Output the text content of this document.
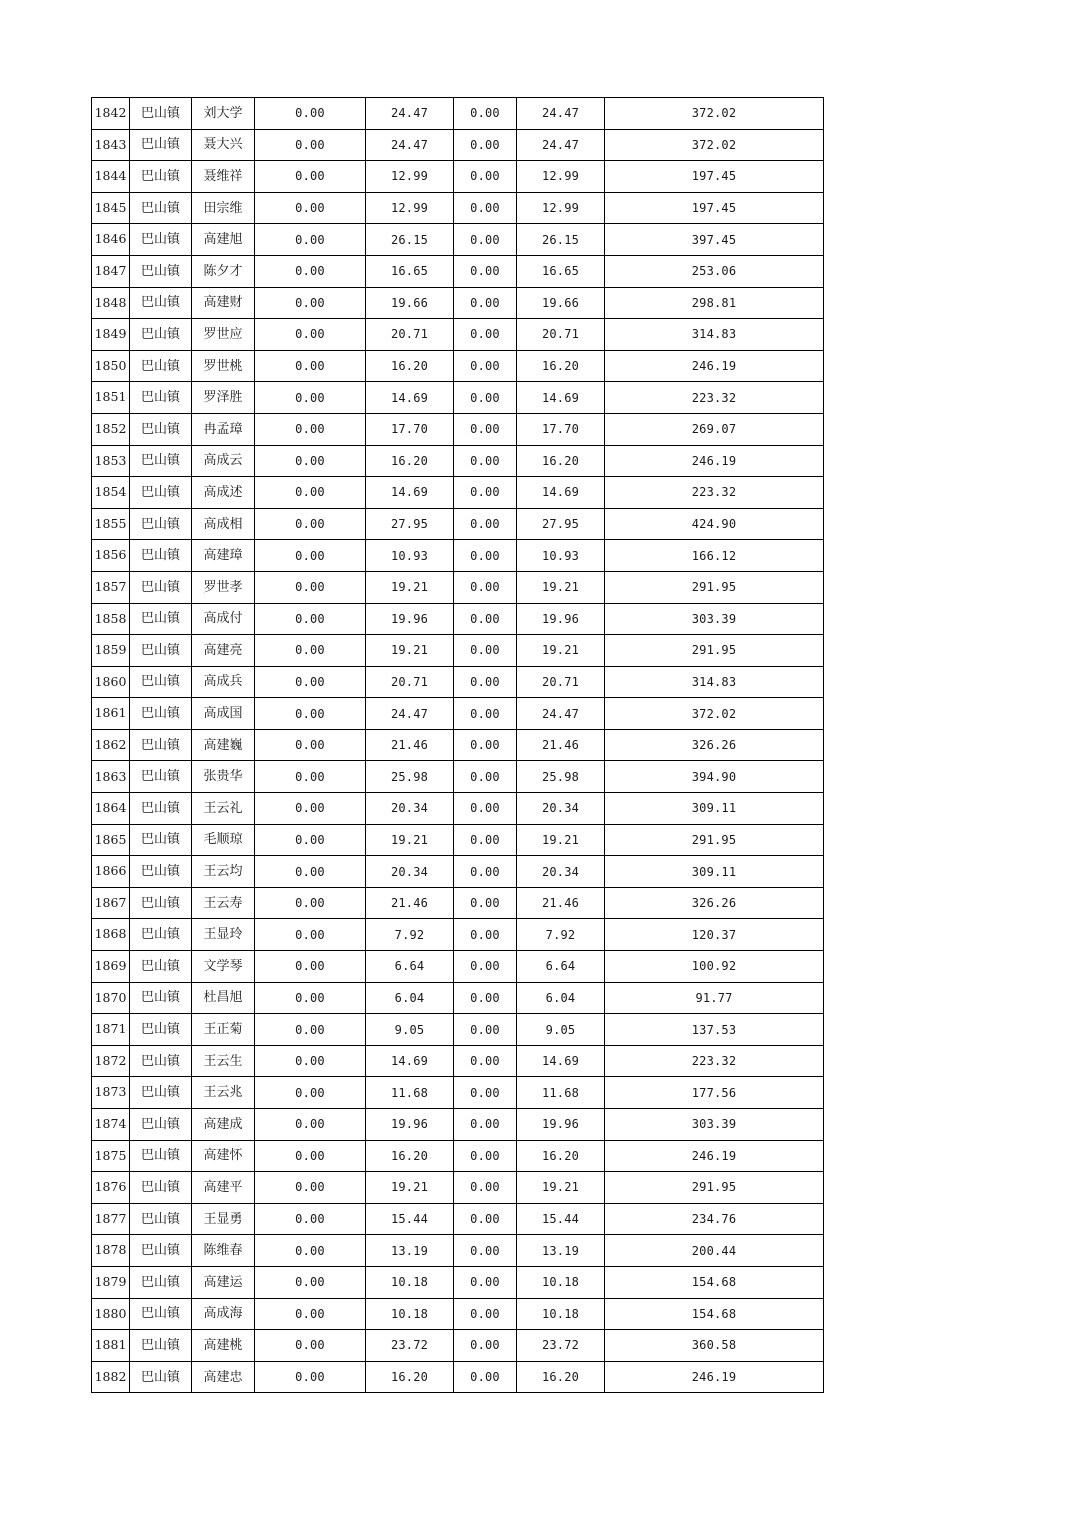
1842	巴山镇	刘大学	0.00	24.47	0.00	24.47	372.02
1843	巴山镇	聂大兴	0.00	24.47	0.00	24.47	372.02
1844	巴山镇	聂维祥	0.00	12.99	0.00	12.99	197.45
1845	巴山镇	田宗维	0.00	12.99	0.00	12.99	197.45
1846	巴山镇	高建旭	0.00	26.15	0.00	26.15	397.45
1847	巴山镇	陈夕才	0.00	16.65	0.00	16.65	253.06
1848	巴山镇	高建财	0.00	19.66	0.00	19.66	298.81
1849	巴山镇	罗世应	0.00	20.71	0.00	20.71	314.83
1850	巴山镇	罗世桃	0.00	16.20	0.00	16.20	246.19
1851	巴山镇	罗泽胜	0.00	14.69	0.00	14.69	223.32
1852	巴山镇	冉孟璋	0.00	17.70	0.00	17.70	269.07
1853	巴山镇	高成云	0.00	16.20	0.00	16.20	246.19
1854	巴山镇	高成述	0.00	14.69	0.00	14.69	223.32
1855	巴山镇	高成相	0.00	27.95	0.00	27.95	424.90
1856	巴山镇	高建璋	0.00	10.93	0.00	10.93	166.12
1857	巴山镇	罗世孝	0.00	19.21	0.00	19.21	291.95
1858	巴山镇	高成付	0.00	19.96	0.00	19.96	303.39
1859	巴山镇	高建亮	0.00	19.21	0.00	19.21	291.95
1860	巴山镇	高成兵	0.00	20.71	0.00	20.71	314.83
1861	巴山镇	高成国	0.00	24.47	0.00	24.47	372.02
1862	巴山镇	高建巍	0.00	21.46	0.00	21.46	326.26
1863	巴山镇	张贵华	0.00	25.98	0.00	25.98	394.90
1864	巴山镇	王云礼	0.00	20.34	0.00	20.34	309.11
1865	巴山镇	毛顺琼	0.00	19.21	0.00	19.21	291.95
1866	巴山镇	王云均	0.00	20.34	0.00	20.34	309.11
1867	巴山镇	王云寿	0.00	21.46	0.00	21.46	326.26
1868	巴山镇	王显玲	0.00	7.92	0.00	7.92	120.37
1869	巴山镇	文学琴	0.00	6.64	0.00	6.64	100.92
1870	巴山镇	杜昌旭	0.00	6.04	0.00	6.04	91.77
1871	巴山镇	王正菊	0.00	9.05	0.00	9.05	137.53
1872	巴山镇	王云生	0.00	14.69	0.00	14.69	223.32
1873	巴山镇	王云兆	0.00	11.68	0.00	11.68	177.56
1874	巴山镇	高建成	0.00	19.96	0.00	19.96	303.39
1875	巴山镇	高建怀	0.00	16.20	0.00	16.20	246.19
1876	巴山镇	高建平	0.00	19.21	0.00	19.21	291.95
1877	巴山镇	王显勇	0.00	15.44	0.00	15.44	234.76
1878	巴山镇	陈维春	0.00	13.19	0.00	13.19	200.44
1879	巴山镇	高建运	0.00	10.18	0.00	10.18	154.68
1880	巴山镇	高成海	0.00	10.18	0.00	10.18	154.68
1881	巴山镇	高建桃	0.00	23.72	0.00	23.72	360.58
1882	巴山镇	高建忠	0.00	16.20	0.00	16.20	246.19
